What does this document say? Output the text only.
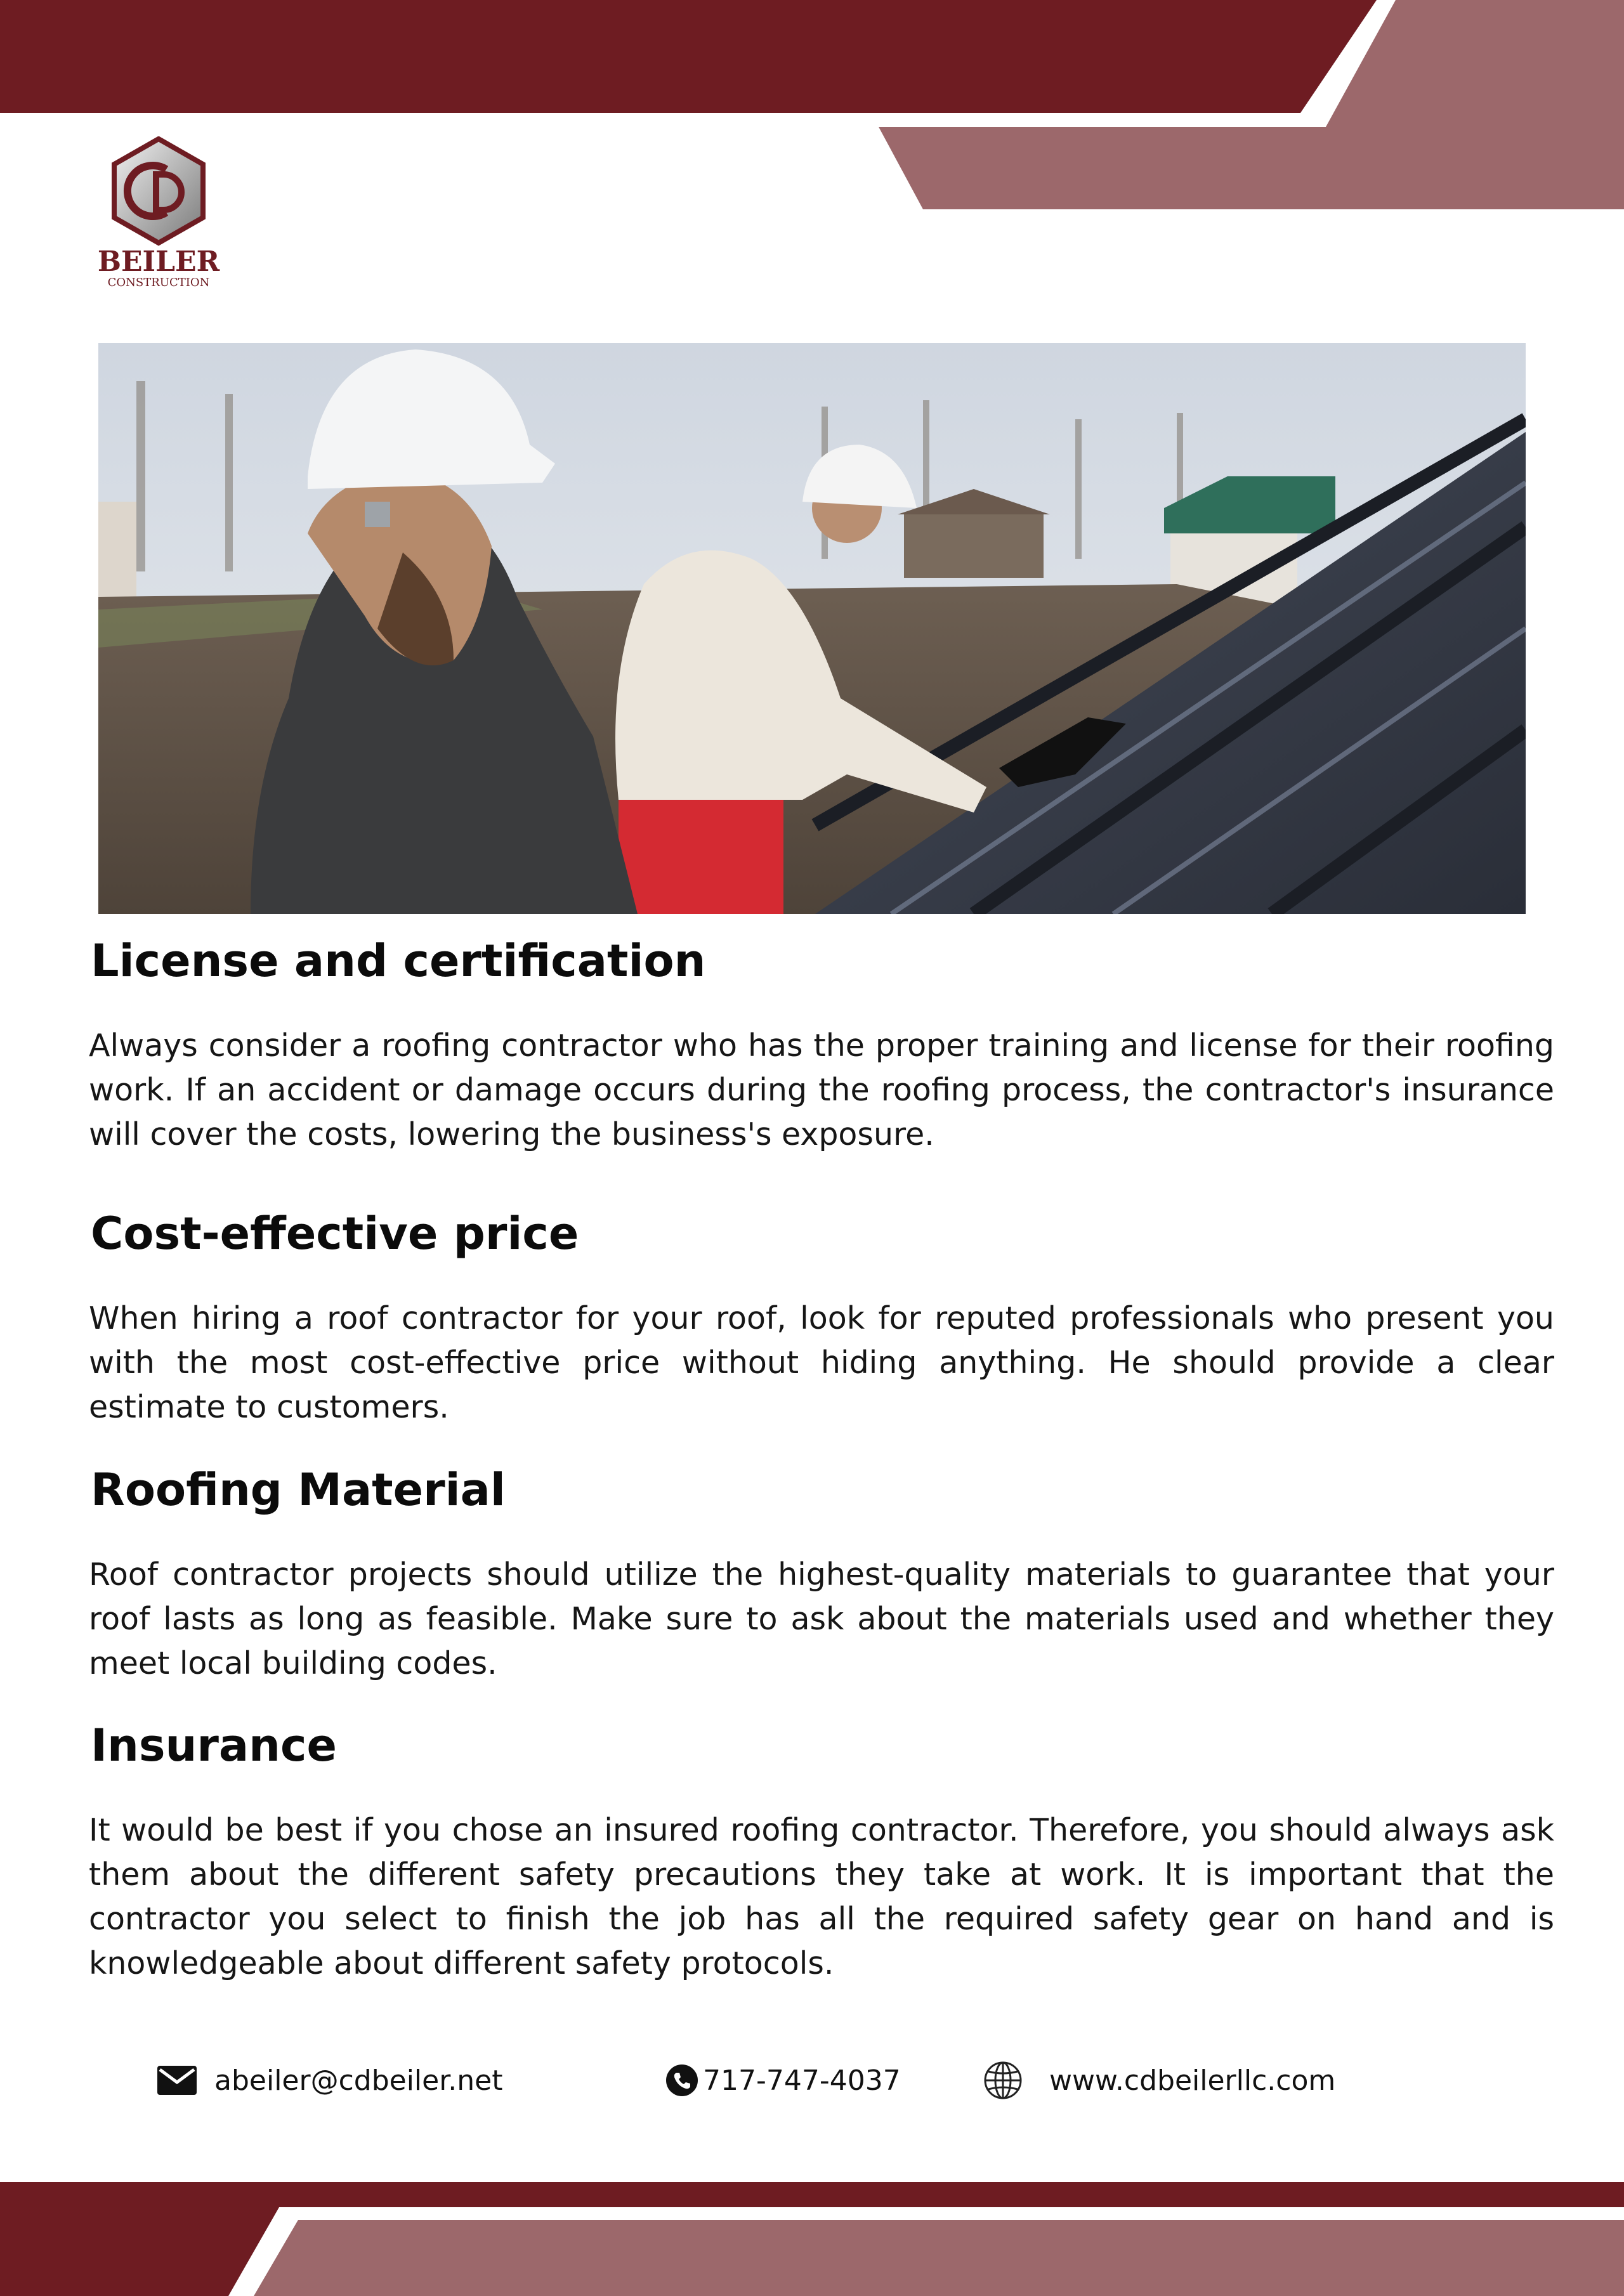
BEILER
CONSTRUCTION
License and certification
Always consider a roofing contractor who has the proper training and license for their roofing work. If an accident or damage occurs during the roofing process, the contractor's insurance will cover the costs, lowering the business's exposure.
Cost-effective price
When hiring a roof contractor for your roof, look for reputed professionals who present you with the most cost-effective price without hiding anything. He should provide a clear estimate to customers.
Roofing Material
Roof contractor projects should utilize the highest-quality materials to guarantee that your roof lasts as long as feasible. Make sure to ask about the materials used and whether they meet local building codes.
Insurance
It would be best if you chose an insured roofing contractor. Therefore, you should always ask them about the different safety precautions they take at work. It is important that the contractor you select to finish the job has all the required safety gear on hand and is knowledgeable about different safety protocols.
abeiler@cdbeiler.net	717-747-4037	www.cdbeilerllc.com
